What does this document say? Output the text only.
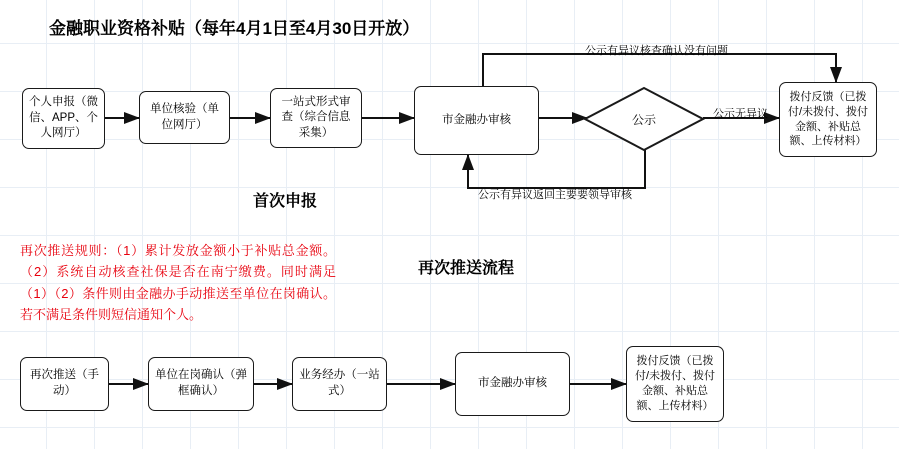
金融职业资格补贴（每年4月1日至4月30日开放）
首次申报
再次推送流程
再次推送规则：（1）累计发放金额小于补贴总金额。（2）系统自动核查社保是否在南宁缴费。同时满足（1）（2）条件则由金融办手动推送至单位在岗确认。若不满足条件则短信通知个人。
个人申报（微信、APP、个人网厅）
单位核验（单位网厅）
一站式形式审查（综合信息采集）
市金融办审核	公示
拨付反馈（已拨付/未拨付、拨付金额、补贴总额、上传材料）
公示有异议核查确认没有问题
公示无异议
公示有异议返回主要要领导审核
再次推送（手动）
单位在岗确认（弹框确认）
业务经办（一站式）
市金融办审核
拨付反馈（已拨付/未拨付、拨付金额、补贴总额、上传材料）
